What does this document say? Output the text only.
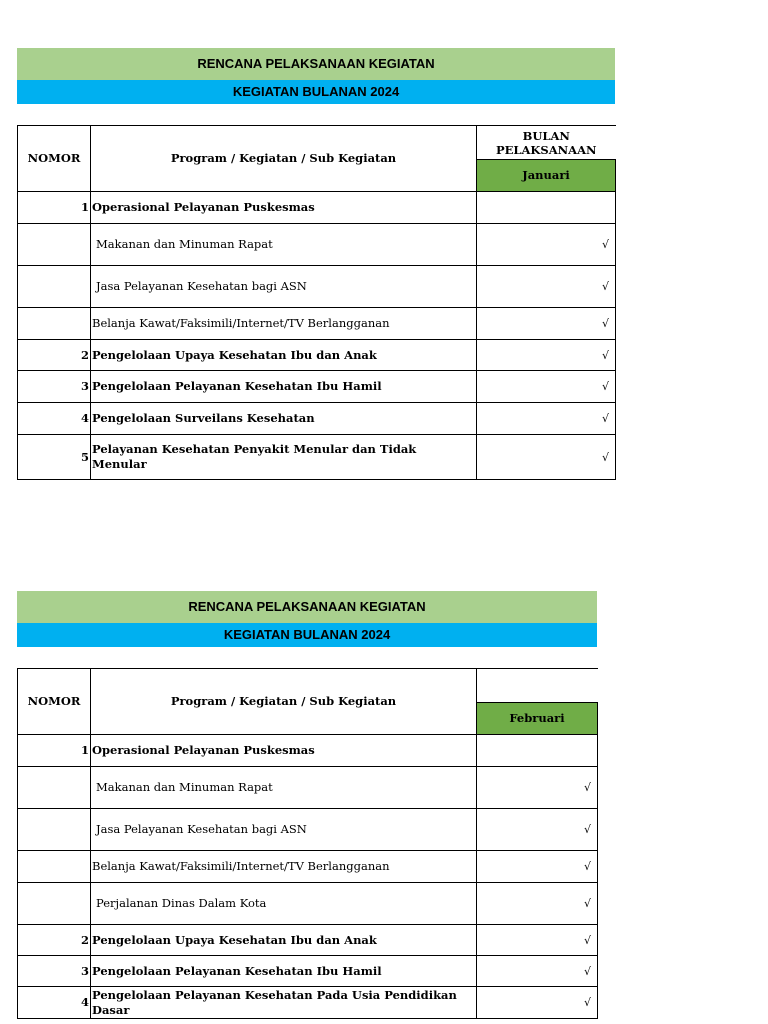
RENCANA PELAKSANAAN KEGIATAN
KEGIATAN BULANAN 2024
NOMOR	Program / Kegiatan / Sub Kegiatan	BULAN PELAKSANAAN
		Januari
1	Operasional Pelayanan Puskesmas	
	Makanan dan Minuman Rapat	√
	Jasa Pelayanan Kesehatan bagi ASN	√
	Belanja Kawat/Faksimili/Internet/TV Berlangganan	√
2	Pengelolaan Upaya Kesehatan Ibu dan Anak	√
3	Pengelolaan Pelayanan Kesehatan Ibu Hamil	√
4	Pengelolaan Surveilans Kesehatan	√
5	Pelayanan Kesehatan Penyakit Menular dan Tidak Menular	√
RENCANA PELAKSANAAN KEGIATAN
KEGIATAN BULANAN 2024
NOMOR	Program / Kegiatan / Sub Kegiatan	
		Februari
1	Operasional Pelayanan Puskesmas	
	Makanan dan Minuman Rapat	√
	Jasa Pelayanan Kesehatan bagi ASN	√
	Belanja Kawat/Faksimili/Internet/TV Berlangganan	√
	Perjalanan Dinas Dalam Kota	√
2	Pengelolaan Upaya Kesehatan Ibu dan Anak	√
3	Pengelolaan Pelayanan Kesehatan Ibu Hamil	√
4	Pengelolaan Pelayanan Kesehatan Pada Usia Pendidikan Dasar	√
